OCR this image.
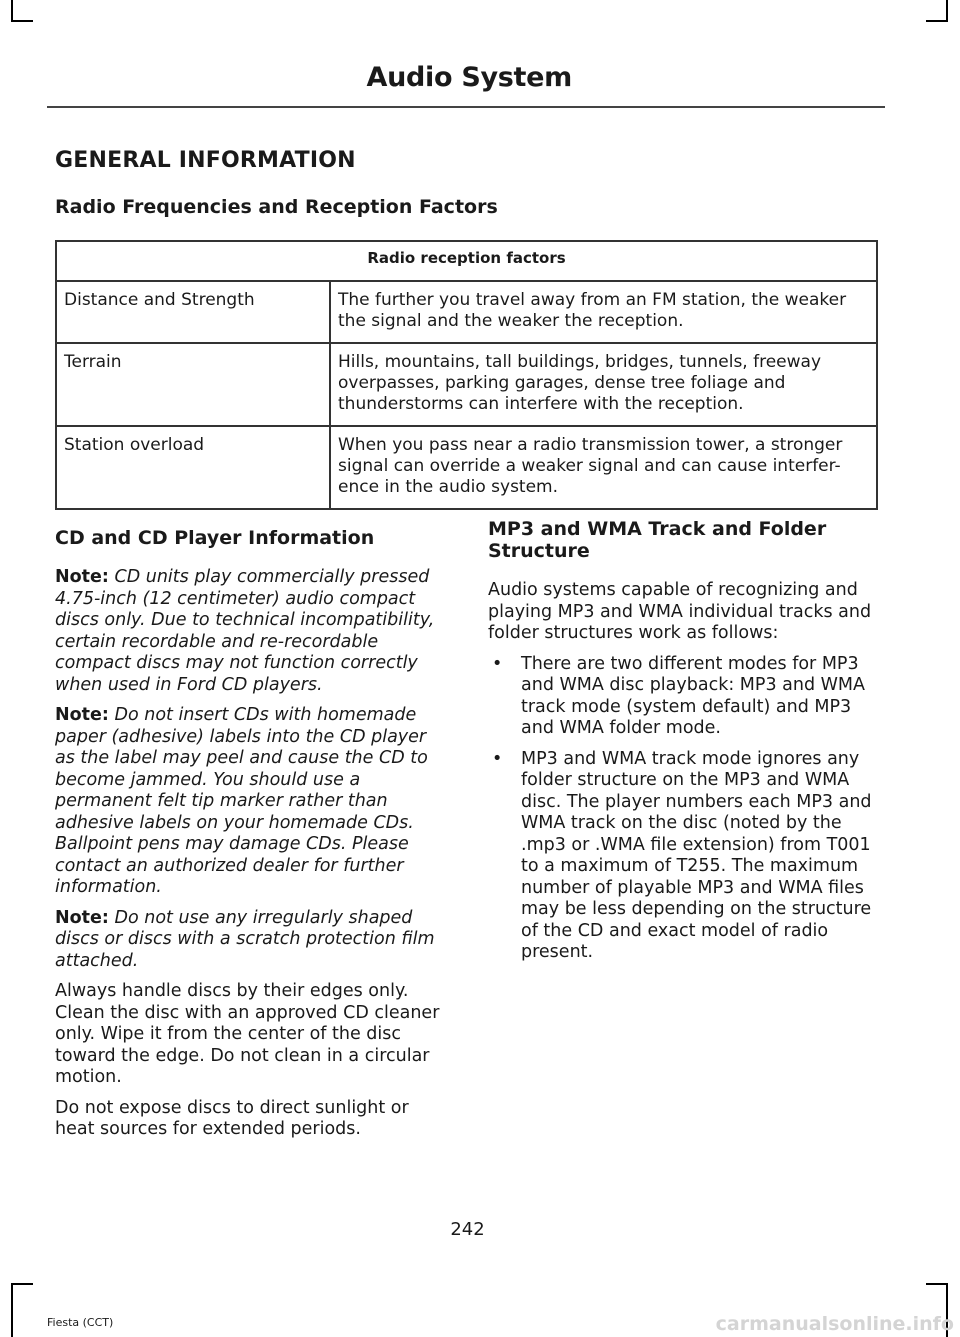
Audio System
GENERAL INFORMATION
Radio Frequencies and Reception Factors
Radio reception factors	
Distance and Strength	The further you travel away from an FM station, the weaker the signal and the weaker the reception.
Terrain	Hills, mountains, tall buildings, bridges, tunnels, freeway overpasses, parking garages, dense tree foliage and thunderstorms can interfere with the reception.
Station overload	When you pass near a radio transmission tower, a stronger signal can override a weaker signal and can cause interfer-ence in the audio system.
CD and CD Player Information

Note: CD units play commercially pressed 4.75-inch (12 centimeter) audio compact discs only. Due to technical incompatibility, certain recordable and re-recordable compact discs may not function correctly when used in Ford CD players.

Note: Do not insert CDs with homemade paper (adhesive) labels into the CD player as the label may peel and cause the CD to become jammed. You should use a permanent felt tip marker rather than adhesive labels on your homemade CDs. Ballpoint pens may damage CDs. Please contact an authorized dealer for further information.

Note: Do not use any irregularly shaped discs or discs with a scratch protection film attached.

Always handle discs by their edges only. Clean the disc with an approved CD cleaner only. Wipe it from the center of the disc toward the edge. Do not clean in a circular motion.

Do not expose discs to direct sunlight or heat sources for extended periods.

MP3 and WMA Track and Folder Structure

Audio systems capable of recognizing and playing MP3 and WMA individual tracks and folder structures work as follows:

• There are two different modes for MP3 and WMA disc playback: MP3 and WMA track mode (system default) and MP3 and WMA folder mode.
• MP3 and WMA track mode ignores any folder structure on the MP3 and WMA disc. The player numbers each MP3 and WMA track on the disc (noted by the .mp3 or .WMA file extension) from T001 to a maximum of T255. The maximum number of playable MP3 and WMA files may be less depending on the structure of the CD and exact model of radio present.
242
Fiesta (CCT)	carmanualsonline.info
